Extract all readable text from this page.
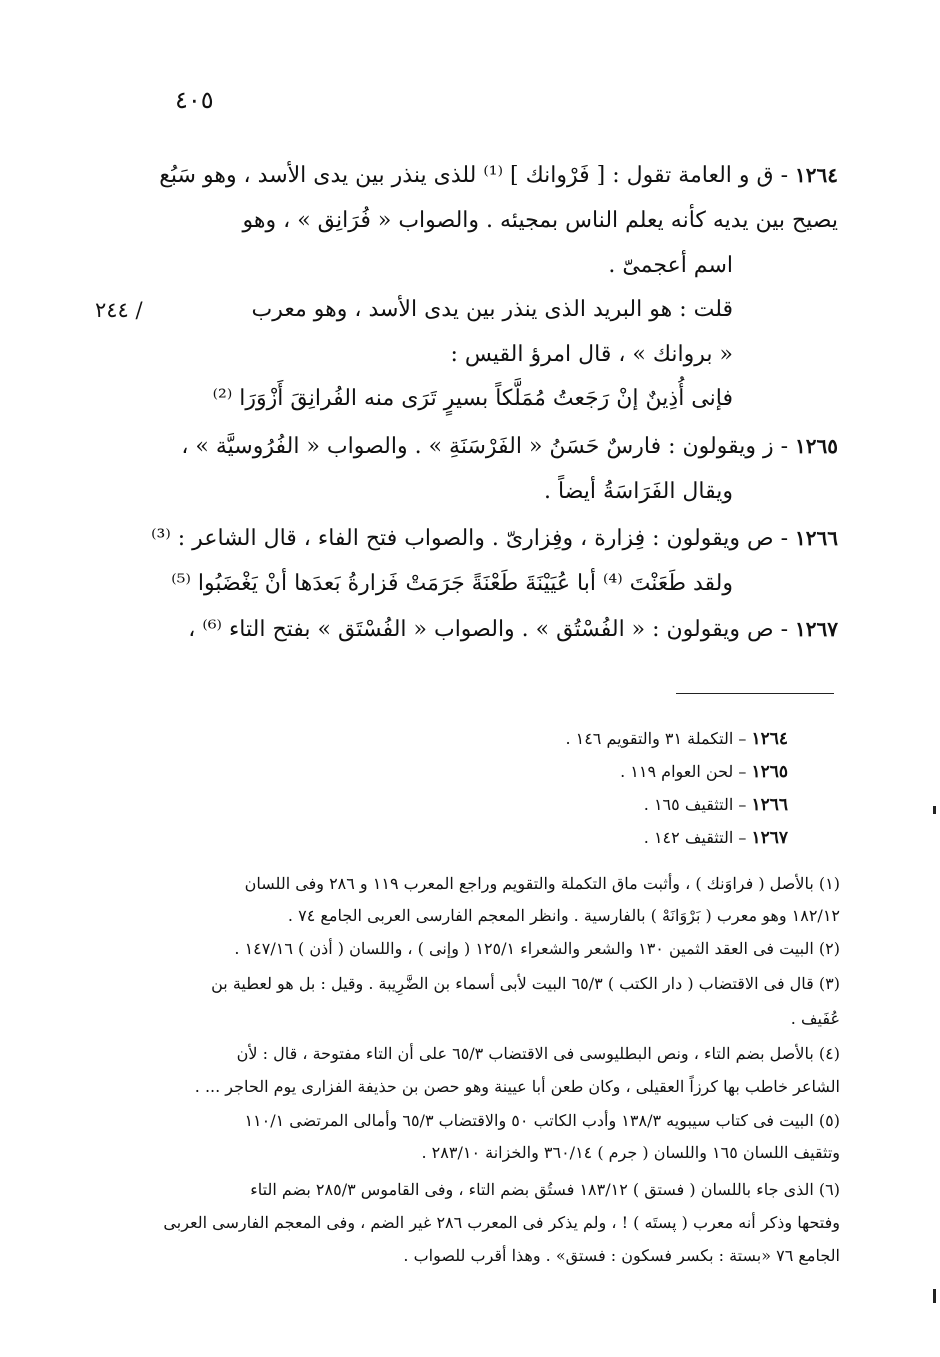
٤٠٥
١٢٦٤ - ق و العامة تقول : [ فَرْوانك ] ⁽¹⁾ للذى ينذر بين يدى الأسد ، وهو سَبُع
يصيح بين يديه كأنه يعلم الناس بمجيئه . والصواب « فُرَانِق » ، وهو
اسم أعجمىّ .
قلت : هو البريد الذى ينذر بين يدى الأسد ، وهو معرب
٢٤٤ /
« بروانك » ، قال امرؤ القيس :
فإنى أُذِينٌ إنْ رَجَعتُ مُمَلَّكاً بسيرٍ تَرَى منه الفُرانِقَ أَزْوَرَا ⁽²⁾
١٢٦٥ - ز ويقولون : فارسٌ حَسَنُ « الفَرْسَنَةِ » . والصواب « الفُرُوسيَّة » ،
ويقال الفَرَاسَةُ أيضاً .
١٢٦٦ - ص ويقولون : فِزارة ، وفِزارىّ . والصواب فتح الفاء ، قال الشاعر : ⁽³⁾
ولقد طَعَنْتَ ⁽⁴⁾ أبا عُيَيْنَةَ طَعْنَةً جَرَمَتْ فَزارةُ بَعدَها أنْ يَغْضَبُوا ⁽⁵⁾
١٢٦٧ - ص ويقولون : « الفُسْتُق » . والصواب « الفُسْتَق » بفتح التاء ⁽⁶⁾ ،
١٢٦٤ – التكملة ٣١ والتقويم ١٤٦ .
١٢٦٥ – لحن العوام ١١٩ .
١٢٦٦ – التثقيف ١٦٥ .
١٢٦٧ – التثقيف ١٤٢ .
(١) بالأصل ( فراوَنك ) ، وأثبت ماق التكملة والتقويم وراجع المعرب ١١٩ و ٢٨٦ وفى اللسان
١٨٢/١٢ وهو معرب ( بَرْوَانَهْ ) بالفارسية . وانظر المعجم الفارسى العربى الجامع ٧٤ .
(٢) البيت فى العقد الثمين ١٣٠ والشعر والشعراء ١٢٥/١ ( وإنى ) ، واللسان ( أذن ) ١٤٧/١٦ .
(٣) قال فى الاقتضاب ( دار الكتب ) ٦٥/٣ البيت لأبى أسماء بن الضَّرِيبة . وقيل : بل هو لعطية بن
عُفَيف .
(٤) بالأصل بضم التاء ، ونص البطليوسى فى الاقتضاب ٦٥/٣ على أن التاء مفتوحة ، قال : لأن
الشاعر خاطب بها كرزاً العقيلى ، وكان طعن أبا عيينة وهو حصن بن حذيفة الفزارى يوم الحاجر ... .
(٥) البيت فى كتاب سيبويه ١٣٨/٣ وأدب الكاتب ٥٠ والاقتضاب ٦٥/٣ وأمالى المرتضى ١١٠/١
وتثقيف اللسان ١٦٥ واللسان ( جرم ) ٣٦٠/١٤ والخزانة ٢٨٣/١٠ .
(٦) الذى جاء باللسان ( فستق ) ١٨٣/١٢ فستُق بضم التاء ، وفى القاموس ٢٨٥/٣ بضم التاء
وفتحها وذكر أنه معرب ( پستَه ) ! ، ولم يذكر فى المعرب ٢٨٦ غير الضم ، وفى المعجم الفارسى العربى
الجامع ٧٦ «بستة : بكسر فسكون : فستق» . وهذا أقرب للصواب .
